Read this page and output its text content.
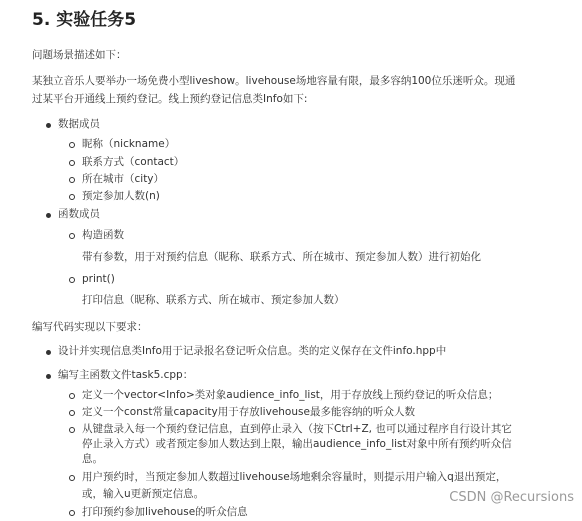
5. 实验任务5
问题场景描述如下：
某独立音乐人要举办一场免费小型liveshow。livehouse场地容量有限，最多容纳100位乐迷听众。现通
过某平台开通线上预约登记。线上预约登记信息类Info如下:
数据成员
昵称（nickname）
联系方式（contact）
所在城市（city）
预定参加人数(n)
函数成员
构造函数
带有参数，用于对预约信息（昵称、联系方式、所在城市、预定参加人数）进行初始化
print()
打印信息（昵称、联系方式、所在城市、预定参加人数）
编写代码实现以下要求：
设计并实现信息类Info用于记录报名登记听众信息。类的定义保存在文件info.hpp中
编写主函数文件task5.cpp：
定义一个vector<Info>类对象audience_info_list，用于存放线上预约登记的听众信息；
定义一个const常量capacity用于存放livehouse最多能容纳的听众人数
从键盘录入每一个预约登记信息，直到停止录入（按下Ctrl+Z, 也可以通过程序自行设计其它
停止录入方式）或者预定参加人数达到上限，输出audience_info_list对象中所有预约听众信
息。
用户预约时，当预定参加人数超过livehouse场地剩余容量时，则提示用户输入q退出预定，
或，输入u更新预定信息。
打印预约参加livehouse的听众信息
CSDN @Recursions
